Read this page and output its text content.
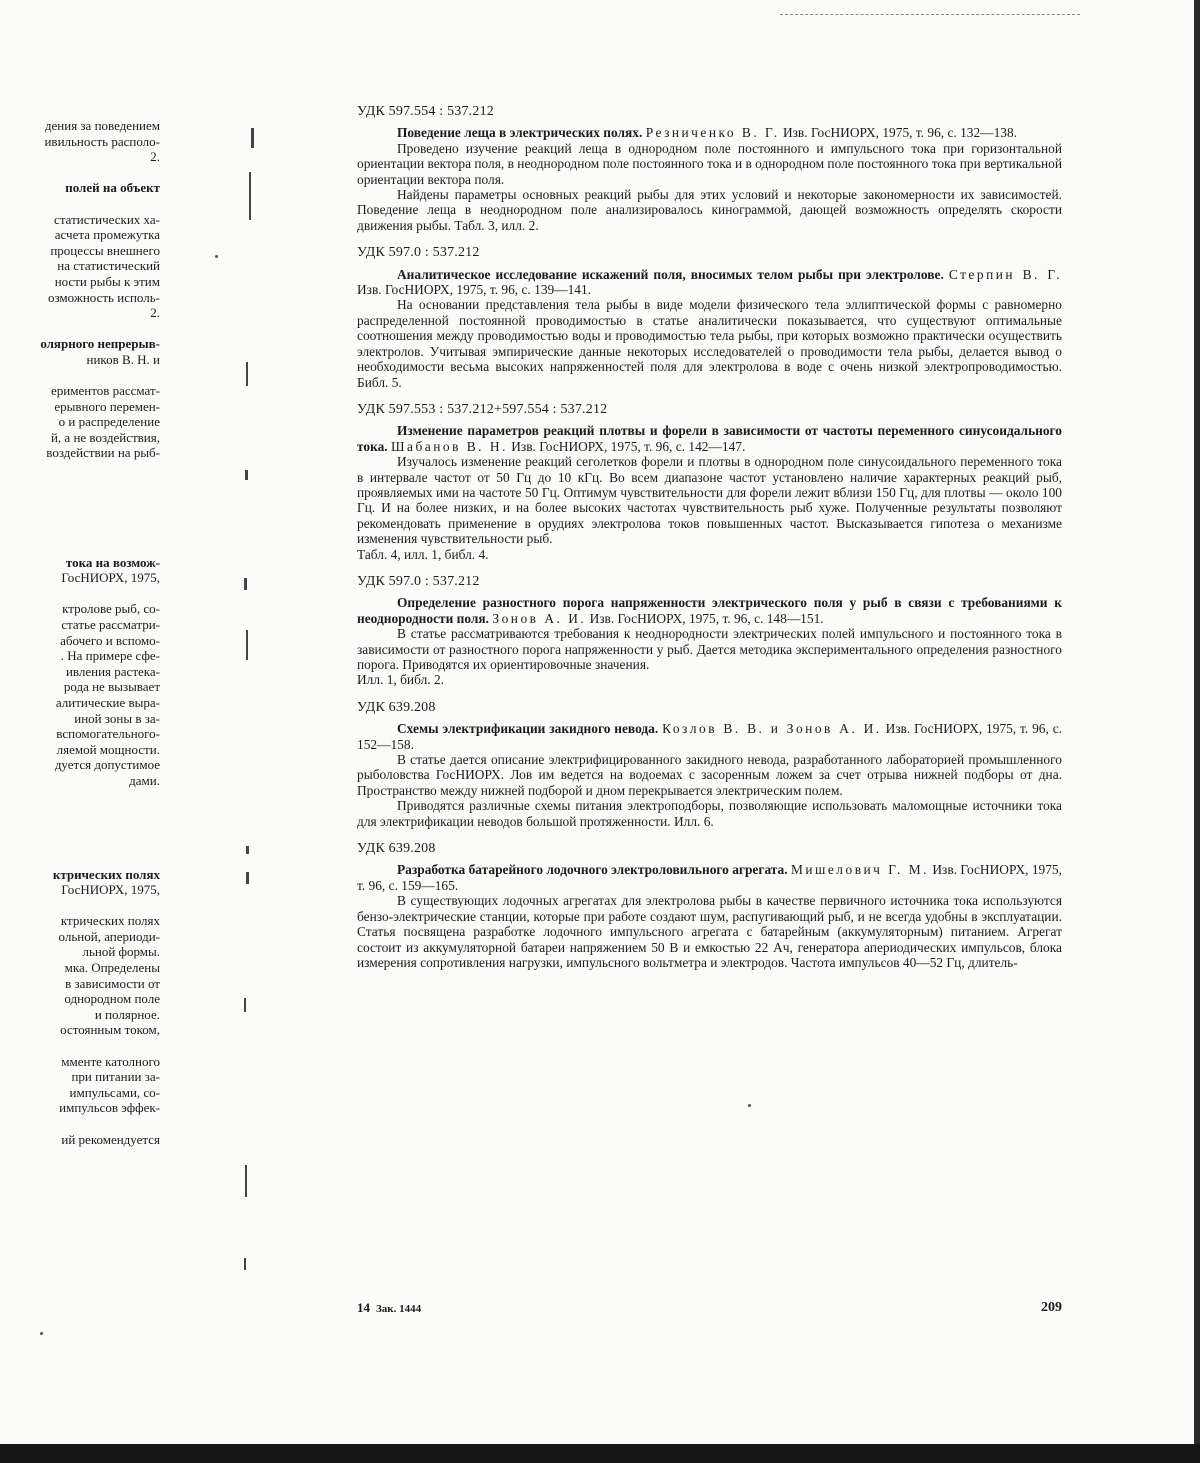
дения за поведением
ивильность располо-
2.
полей на объект
статистических ха-
асчета промежутка
процессы внешнего
на статистический
ности рыбы к этим
озможность исполь-
2.
олярного непрерыв-
ников В. Н. и
ериментов рассмат-
ерывного перемен-
о и распределение
й, а не воздействия,
воздействии на рыб-
тока на возмож-
ГосНИОРХ, 1975,
ктролове рыб, со-
статье рассматри-
абочего и вспомо-
. На примере сфе-
ивления растека-
рода не вызывает
алитические выра-
иной зоны в за-
вспомогательного-
ляемой мощности.
дуется допустимое
дами.
ктрических полях
ГосНИОРХ, 1975,
ктрических полях
ольной, апериоди-
льной формы.
мка. Определены
в зависимости от
однородном поле
и полярное.
остоянным током,
мменте католного
при питании за-
импульсами, со-
импульсов эффек-
ий рекомендуется
УДК 597.554 : 537.212

Поведение леща в электрических полях. Резниченко В. Г. Изв. ГосНИОРХ, 1975, т. 96, с. 132—138.

Проведено изучение реакций леща в однородном поле постоянного и импульсного тока при горизонтальной ориентации вектора поля, в неоднородном поле постоянного тока и в однородном поле постоянного тока при вертикальной ориентации вектора поля.

Найдены параметры основных реакций рыбы для этих условий и некоторые закономерности их зависимостей. Поведение леща в неоднородном поле анализировалось кинограммой, дающей возможность определять скорости движения рыбы. Табл. 3, илл. 2.

УДК 597.0 : 537.212

Аналитическое исследование искажений поля, вносимых телом рыбы при электролове. Стерпин В. Г. Изв. ГосНИОРХ, 1975, т. 96, с. 139—141.

На основании представления тела рыбы в виде модели физического тела эллиптической формы с равномерно распределенной постоянной проводимостью в статье аналитически показывается, что существуют оптимальные соотношения между проводимостью воды и проводимостью тела рыбы, при которых возможно практически осуществить электролов. Учитывая эмпирические данные некоторых исследователей о проводимости тела рыбы, делается вывод о необходимости весьма высоких напряженностей поля для электролова в воде с очень низкой электропроводимостью. Библ. 5.

УДК 597.553 : 537.212+597.554 : 537.212

Изменение параметров реакций плотвы и форели в зависимости от частоты переменного синусоидального тока. Шабанов В. Н. Изв. ГосНИОРХ, 1975, т. 96, с. 142—147.

Изучалось изменение реакций сеголетков форели и плотвы в однородном поле синусоидального переменного тока в интервале частот от 50 Гц до 10 кГц. Во всем диапазоне частот установлено наличие характерных реакций рыб, проявляемых ими на частоте 50 Гц. Оптимум чувствительности для форели лежит вблизи 150 Гц, для плотвы — около 100 Гц. И на более низких, и на более высоких частотах чувствительность рыб хуже. Полученные результаты позволяют рекомендовать применение в орудиях электролова токов повышенных частот. Высказывается гипотеза о механизме изменения чувствительности рыб.

Табл. 4, илл. 1, библ. 4.

УДК 597.0 : 537.212

Определение разностного порога напряженности электрического поля у рыб в связи с требованиями к неоднородности поля. Зонов А. И. Изв. ГосНИОРХ, 1975, т. 96, с. 148—151.

В статье рассматриваются требования к неоднородности электрических полей импульсного и постоянного тока в зависимости от разностного порога напряженности у рыб. Дается методика экспериментального определения разностного порога. Приводятся их ориентировочные значения.

Илл. 1, библ. 2.

УДК 639.208

Схемы электрификации закидного невода. Козлов В. В. и Зонов А. И. Изв. ГосНИОРХ, 1975, т. 96, с. 152—158.

В статье дается описание электрифицированного закидного невода, разработанного лабораторией промышленного рыболовства ГосНИОРХ. Лов им ведется на водоемах с засоренным ложем за счет отрыва нижней подборы от дна. Пространство между нижней подборой и дном перекрывается электрическим полем.

Приводятся различные схемы питания электроподборы, позволяющие использовать маломощные источники тока для электрификации неводов большой протяженности. Илл. 6.

УДК 639.208

Разработка батарейного лодочного электроловильного агрегата. Мишелович Г. М. Изв. ГосНИОРХ, 1975, т. 96, с. 159—165.

В существующих лодочных агрегатах для электролова рыбы в качестве первичного источника тока используются бензо-электрические станции, которые при работе создают шум, распугивающий рыб, и не всегда удобны в эксплуатации. Статья посвящена разработке лодочного импульсного агрегата с батарейным (аккумуляторным) питанием. Агрегат состоит из аккумуляторной батареи напряжением 50 В и емкостью 22 Ач, генератора апериодических импульсов, блока измерения сопротивления нагрузки, импульсного вольтметра и электродов. Частота импульсов 40—52 Гц, длитель-

14 Зак. 1444	209
